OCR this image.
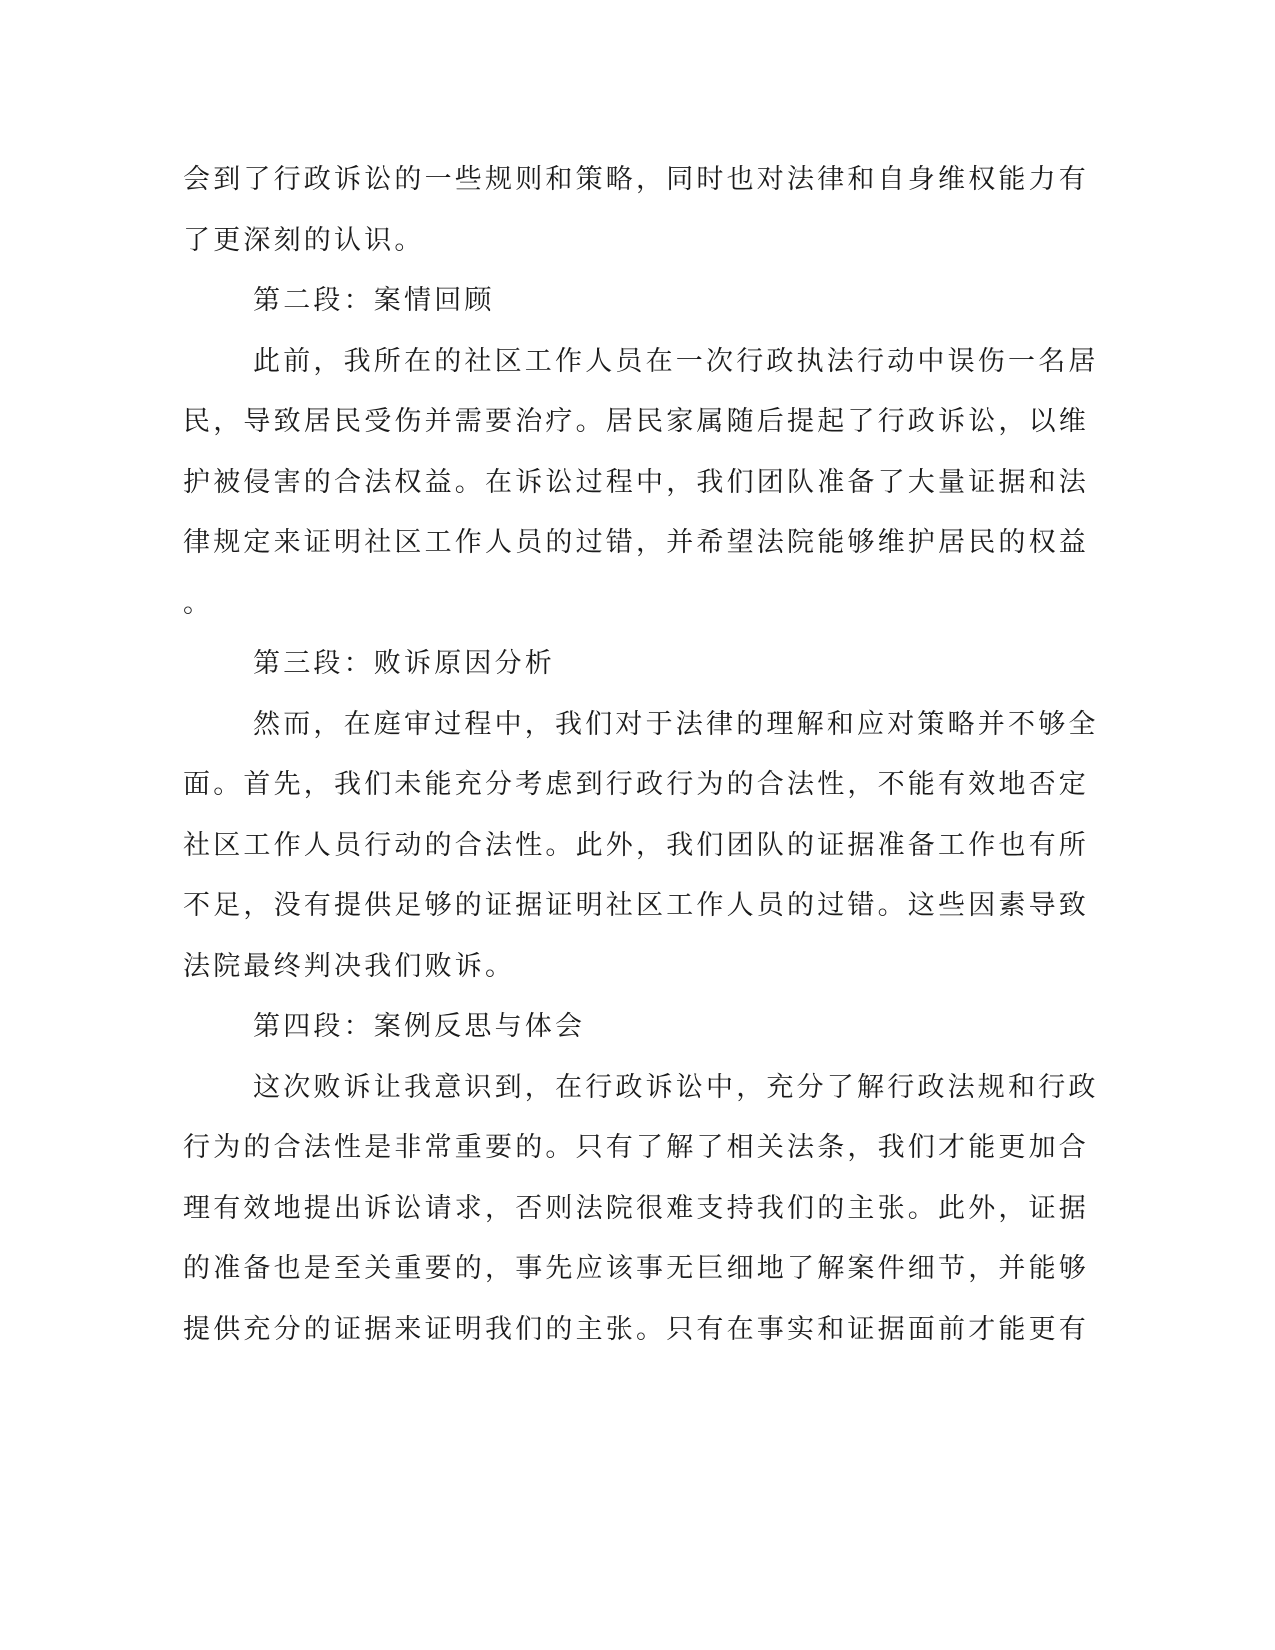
会到了行政诉讼的一些规则和策略，同时也对法律和自身维权能力有
了更深刻的认识。
第二段：案情回顾
此前，我所在的社区工作人员在一次行政执法行动中误伤一名居
民，导致居民受伤并需要治疗。居民家属随后提起了行政诉讼，以维
护被侵害的合法权益。在诉讼过程中，我们团队准备了大量证据和法
律规定来证明社区工作人员的过错，并希望法院能够维护居民的权益
。
第三段：败诉原因分析
然而，在庭审过程中，我们对于法律的理解和应对策略并不够全
面。首先，我们未能充分考虑到行政行为的合法性，不能有效地否定
社区工作人员行动的合法性。此外，我们团队的证据准备工作也有所
不足，没有提供足够的证据证明社区工作人员的过错。这些因素导致
法院最终判决我们败诉。
第四段：案例反思与体会
这次败诉让我意识到，在行政诉讼中，充分了解行政法规和行政
行为的合法性是非常重要的。只有了解了相关法条，我们才能更加合
理有效地提出诉讼请求，否则法院很难支持我们的主张。此外，证据
的准备也是至关重要的，事先应该事无巨细地了解案件细节，并能够
提供充分的证据来证明我们的主张。只有在事实和证据面前才能更有
